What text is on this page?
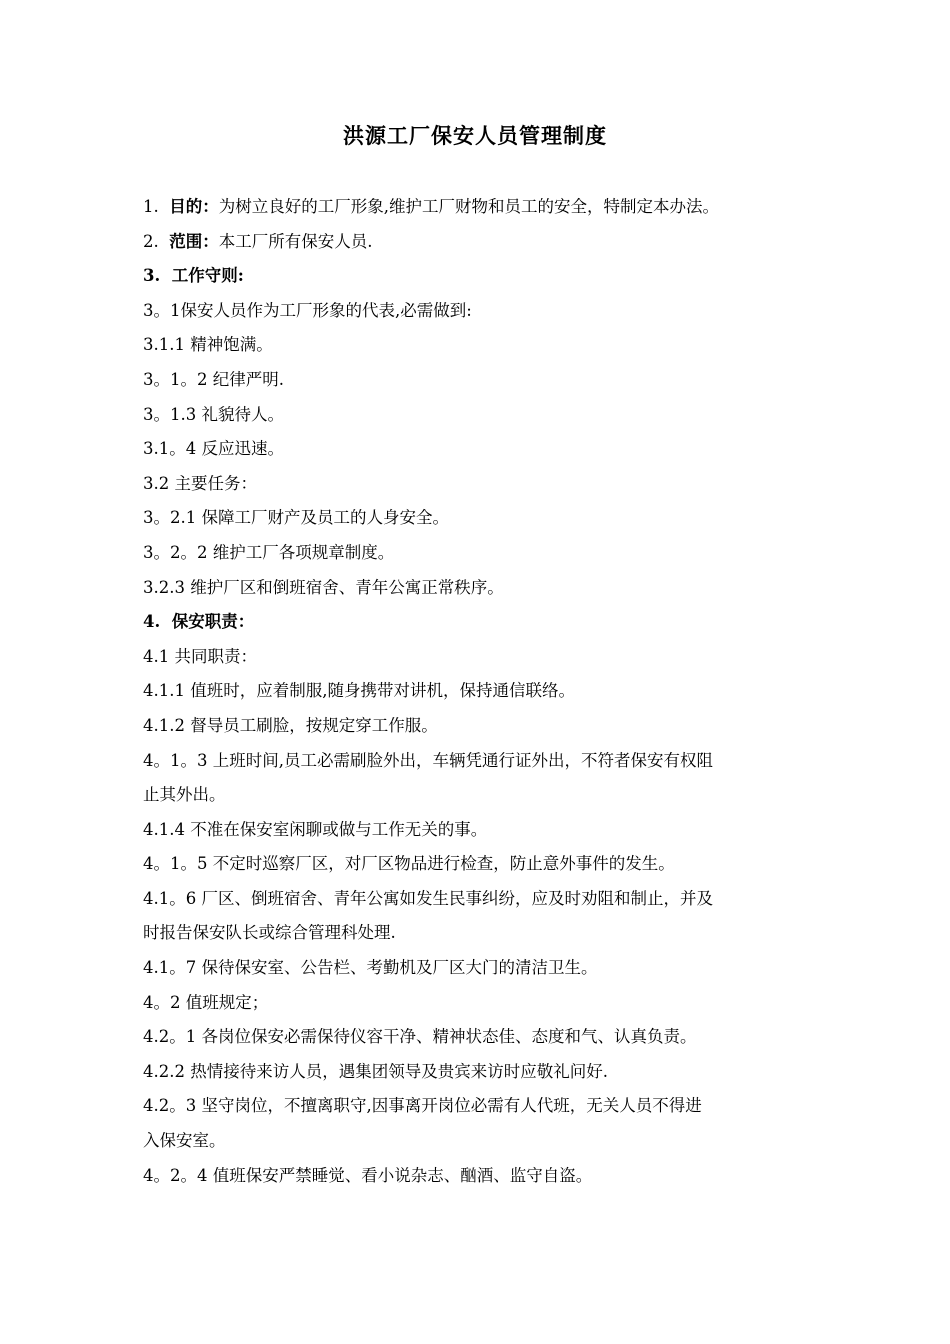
洪源工厂保安人员管理制度
1. 目的：为树立良好的工厂形象,维护工厂财物和员工的安全，特制定本办法。
2. 范围：本工厂所有保安人员.
3. 工作守则:
3。1保安人员作为工厂形象的代表,必需做到:
3.1.1 精神饱满。
3。1。2 纪律严明.
3。1.3 礼貌待人。
3.1。4 反应迅速。
3.2 主要任务：
3。2.1 保障工厂财产及员工的人身安全。
3。2。2 维护工厂各项规章制度。
3.2.3 维护厂区和倒班宿舍、青年公寓正常秩序。
4. 保安职责：
4.1 共同职责：
4.1.1 值班时，应着制服,随身携带对讲机，保持通信联络。
4.1.2 督导员工刷脸，按规定穿工作服。
4。1。3 上班时间,员工必需刷脸外出，车辆凭通行证外出，不符者保安有权阻
止其外出。
4.1.4 不准在保安室闲聊或做与工作无关的事。
4。1。5 不定时巡察厂区，对厂区物品进行检查，防止意外事件的发生。
4.1。6 厂区、倒班宿舍、青年公寓如发生民事纠纷，应及时劝阻和制止，并及
时报告保安队长或综合管理科处理.
4.1。7 保待保安室、公告栏、考勤机及厂区大门的清洁卫生。
4。2 值班规定；
4.2。1 各岗位保安必需保待仪容干净、精神状态佳、态度和气、认真负责。
4.2.2 热情接待来访人员，遇集团领导及贵宾来访时应敬礼问好.
4.2。3 坚守岗位，不擅离职守,因事离开岗位必需有人代班，无关人员不得进
入保安室。
4。2。4 值班保安严禁睡觉、看小说杂志、酗酒、监守自盗。
